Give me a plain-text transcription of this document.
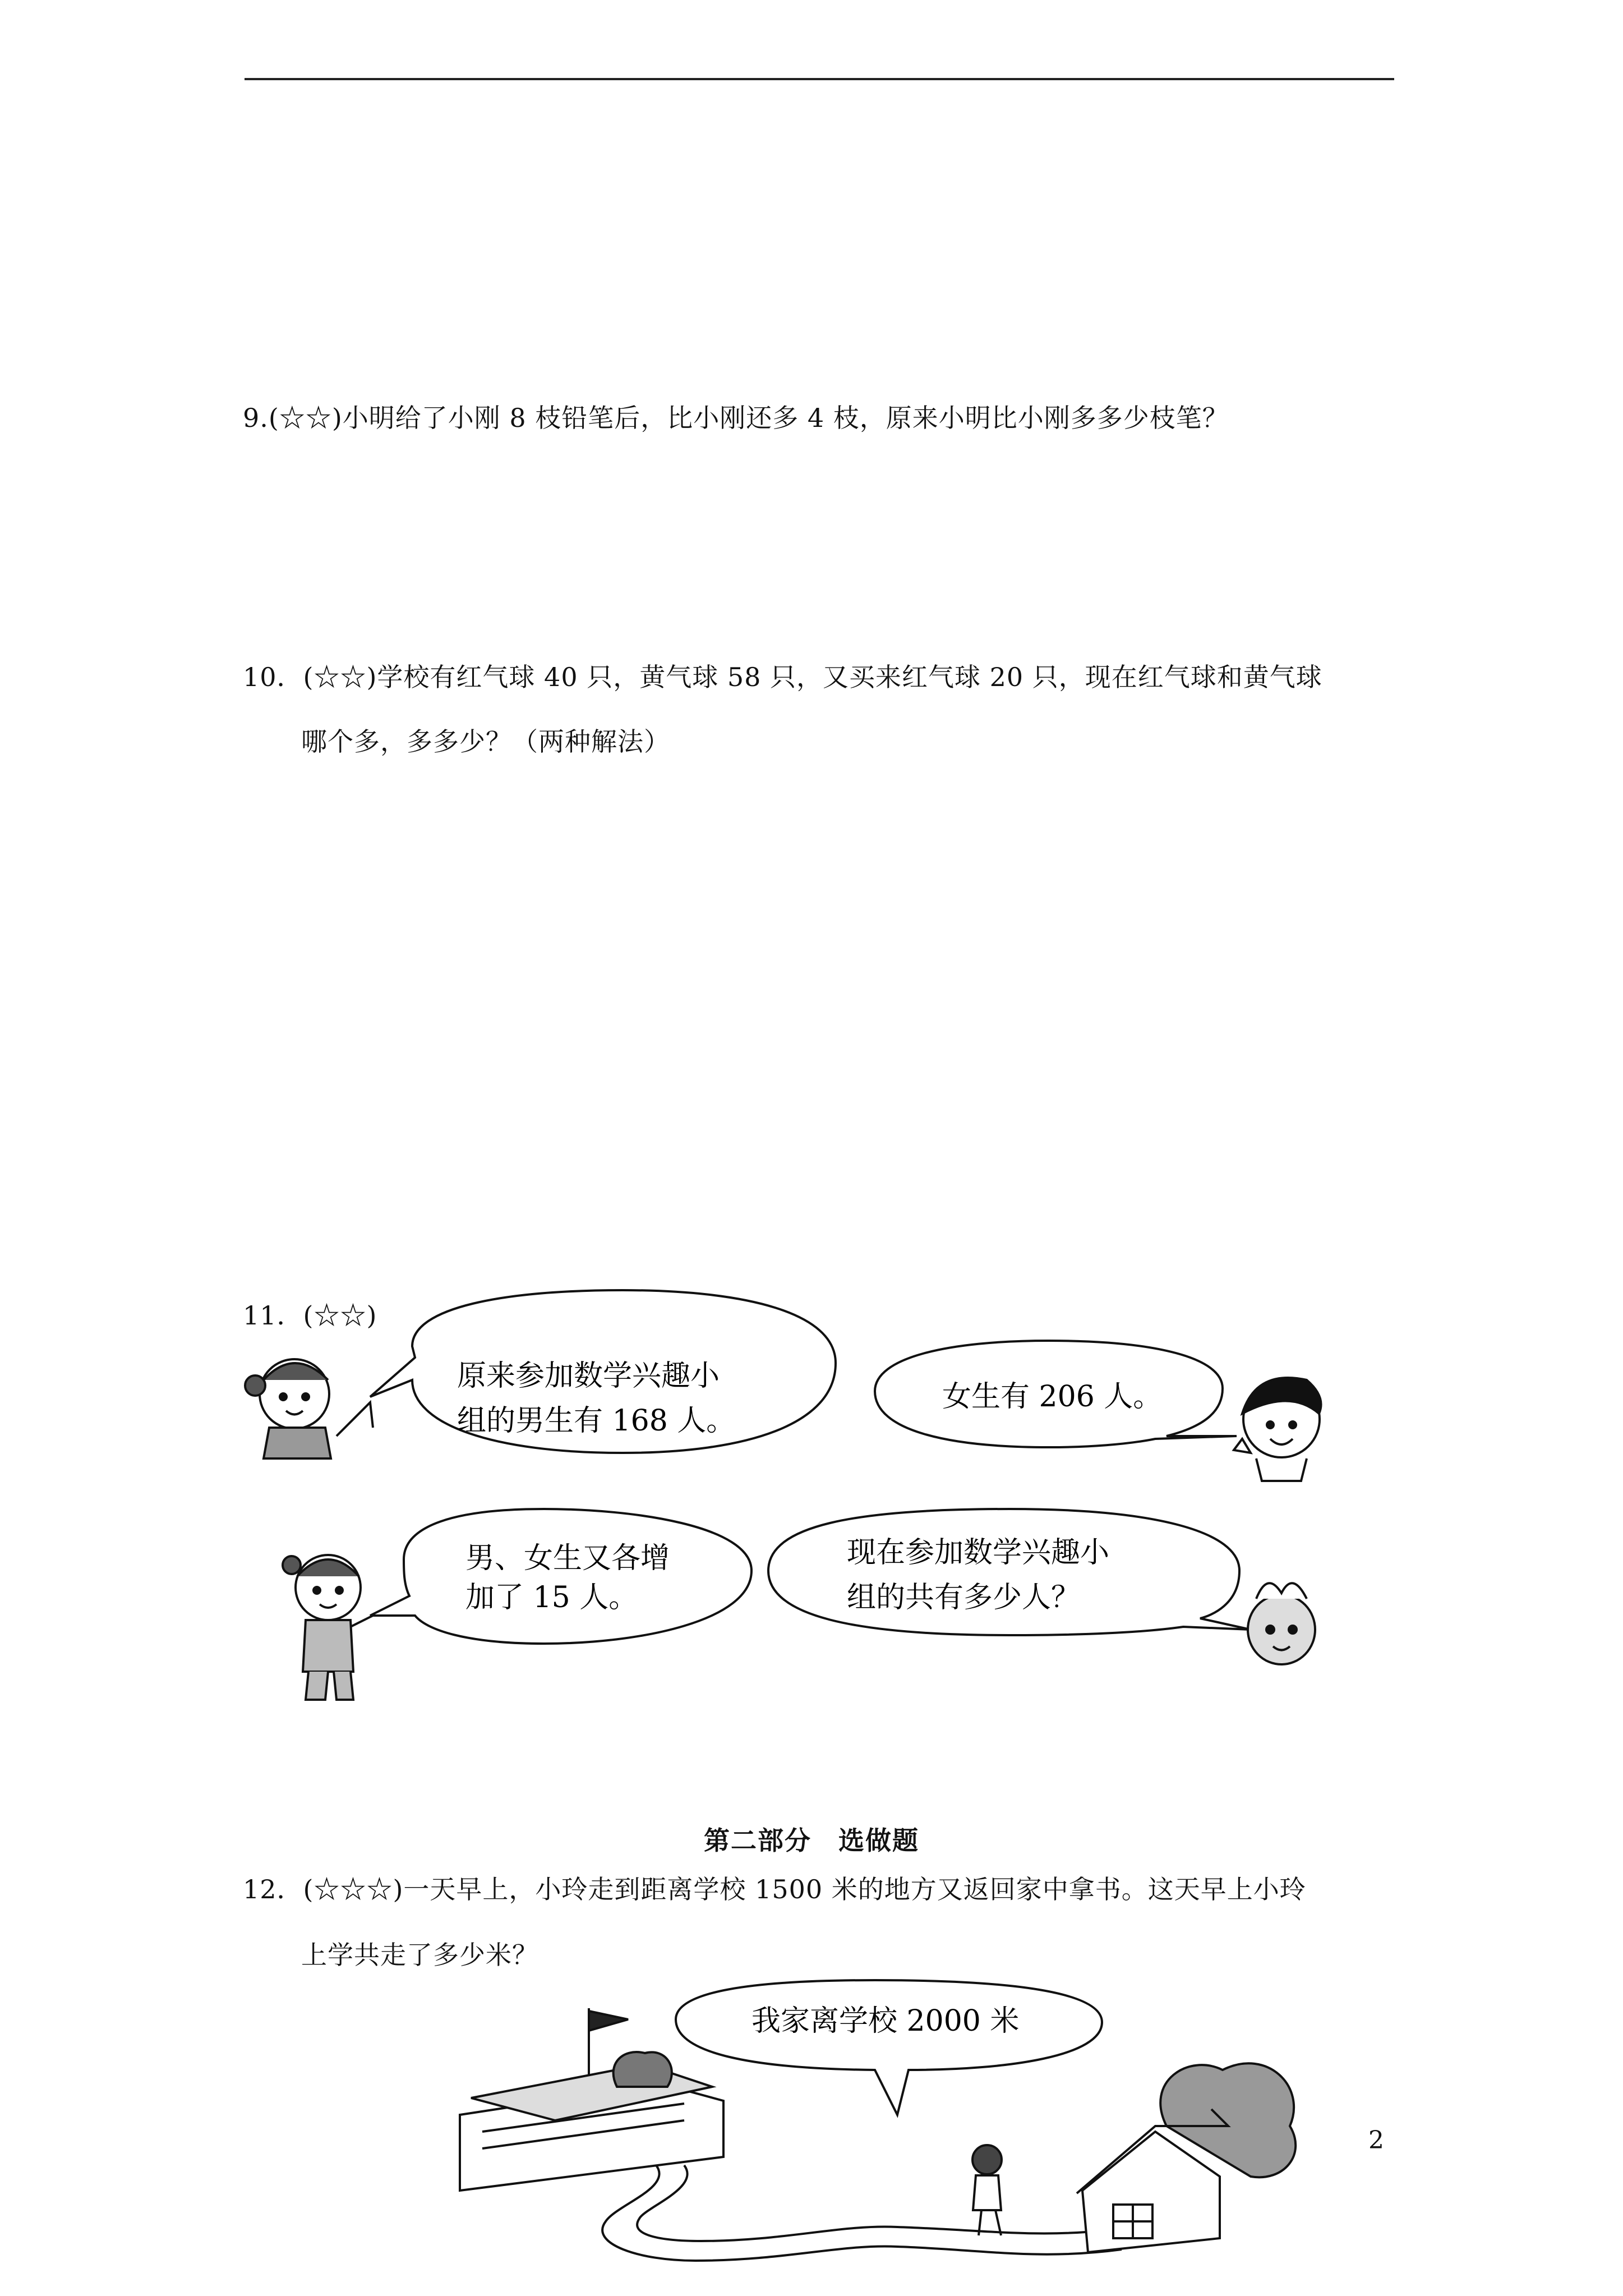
9.(☆☆)小明给了小刚 8 枝铅笔后，比小刚还多 4 枝，原来小明比小刚多多少枝笔？
10．(☆☆)学校有红气球 40 只，黄气球 58 只，又买来红气球 20 只，现在红气球和黄气球
哪个多，多多少？（两种解法）
11．(☆☆)
原来参加数学兴趣小
组的男生有 168 人。
女生有 206 人。
男、女生又各增
加了 15 人。
现在参加数学兴趣小
组的共有多少人？
我家离学校 2000 米
第二部分　选做题
12．(☆☆☆)一天早上，小玲走到距离学校 1500 米的地方又返回家中拿书。这天早上小玲
上学共走了多少米？
2
